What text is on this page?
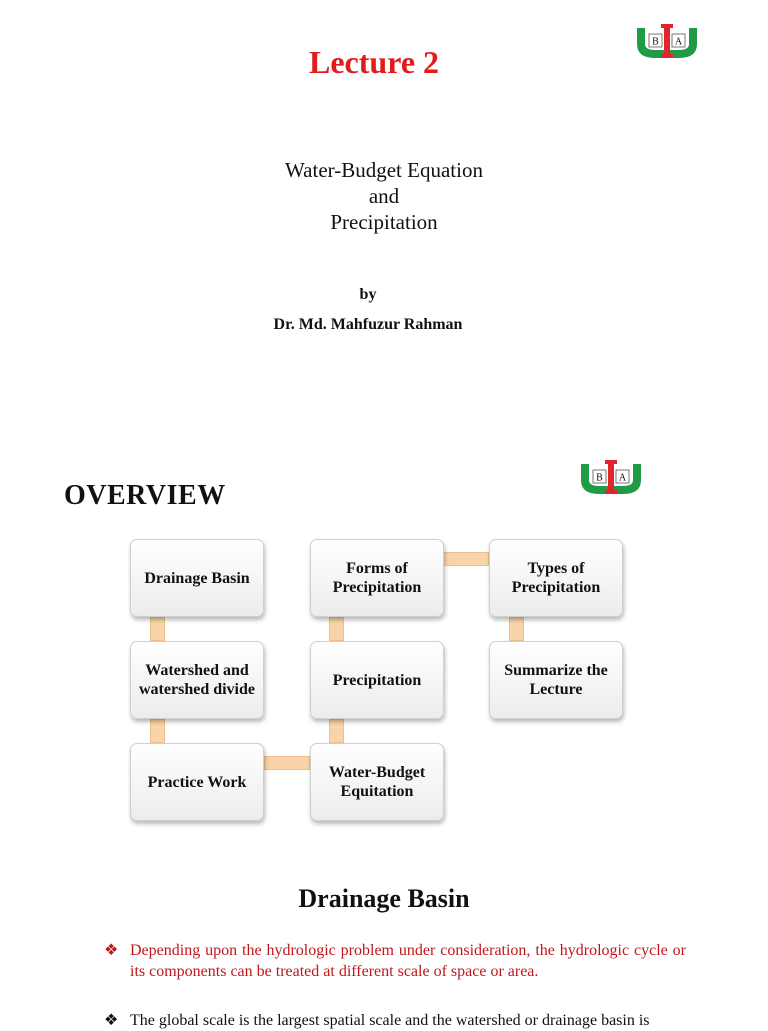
Lecture 2
Water-Budget Equation
and
Precipitation
by
Dr. Md. Mahfuzur Rahman
B A
B A
OVERVIEW
Drainage Basin
Forms of Precipitation
Types of Precipitation
Watershed and watershed divide
Precipitation
Summarize the Lecture
Practice Work
Water-Budget Equitation
Drainage Basin
❖ Depending upon the hydrologic problem under consideration, the hydrologic cycle or its components can be treated at different scale of space or area.
❖ The global scale is the largest spatial scale and the watershed or drainage basin is
